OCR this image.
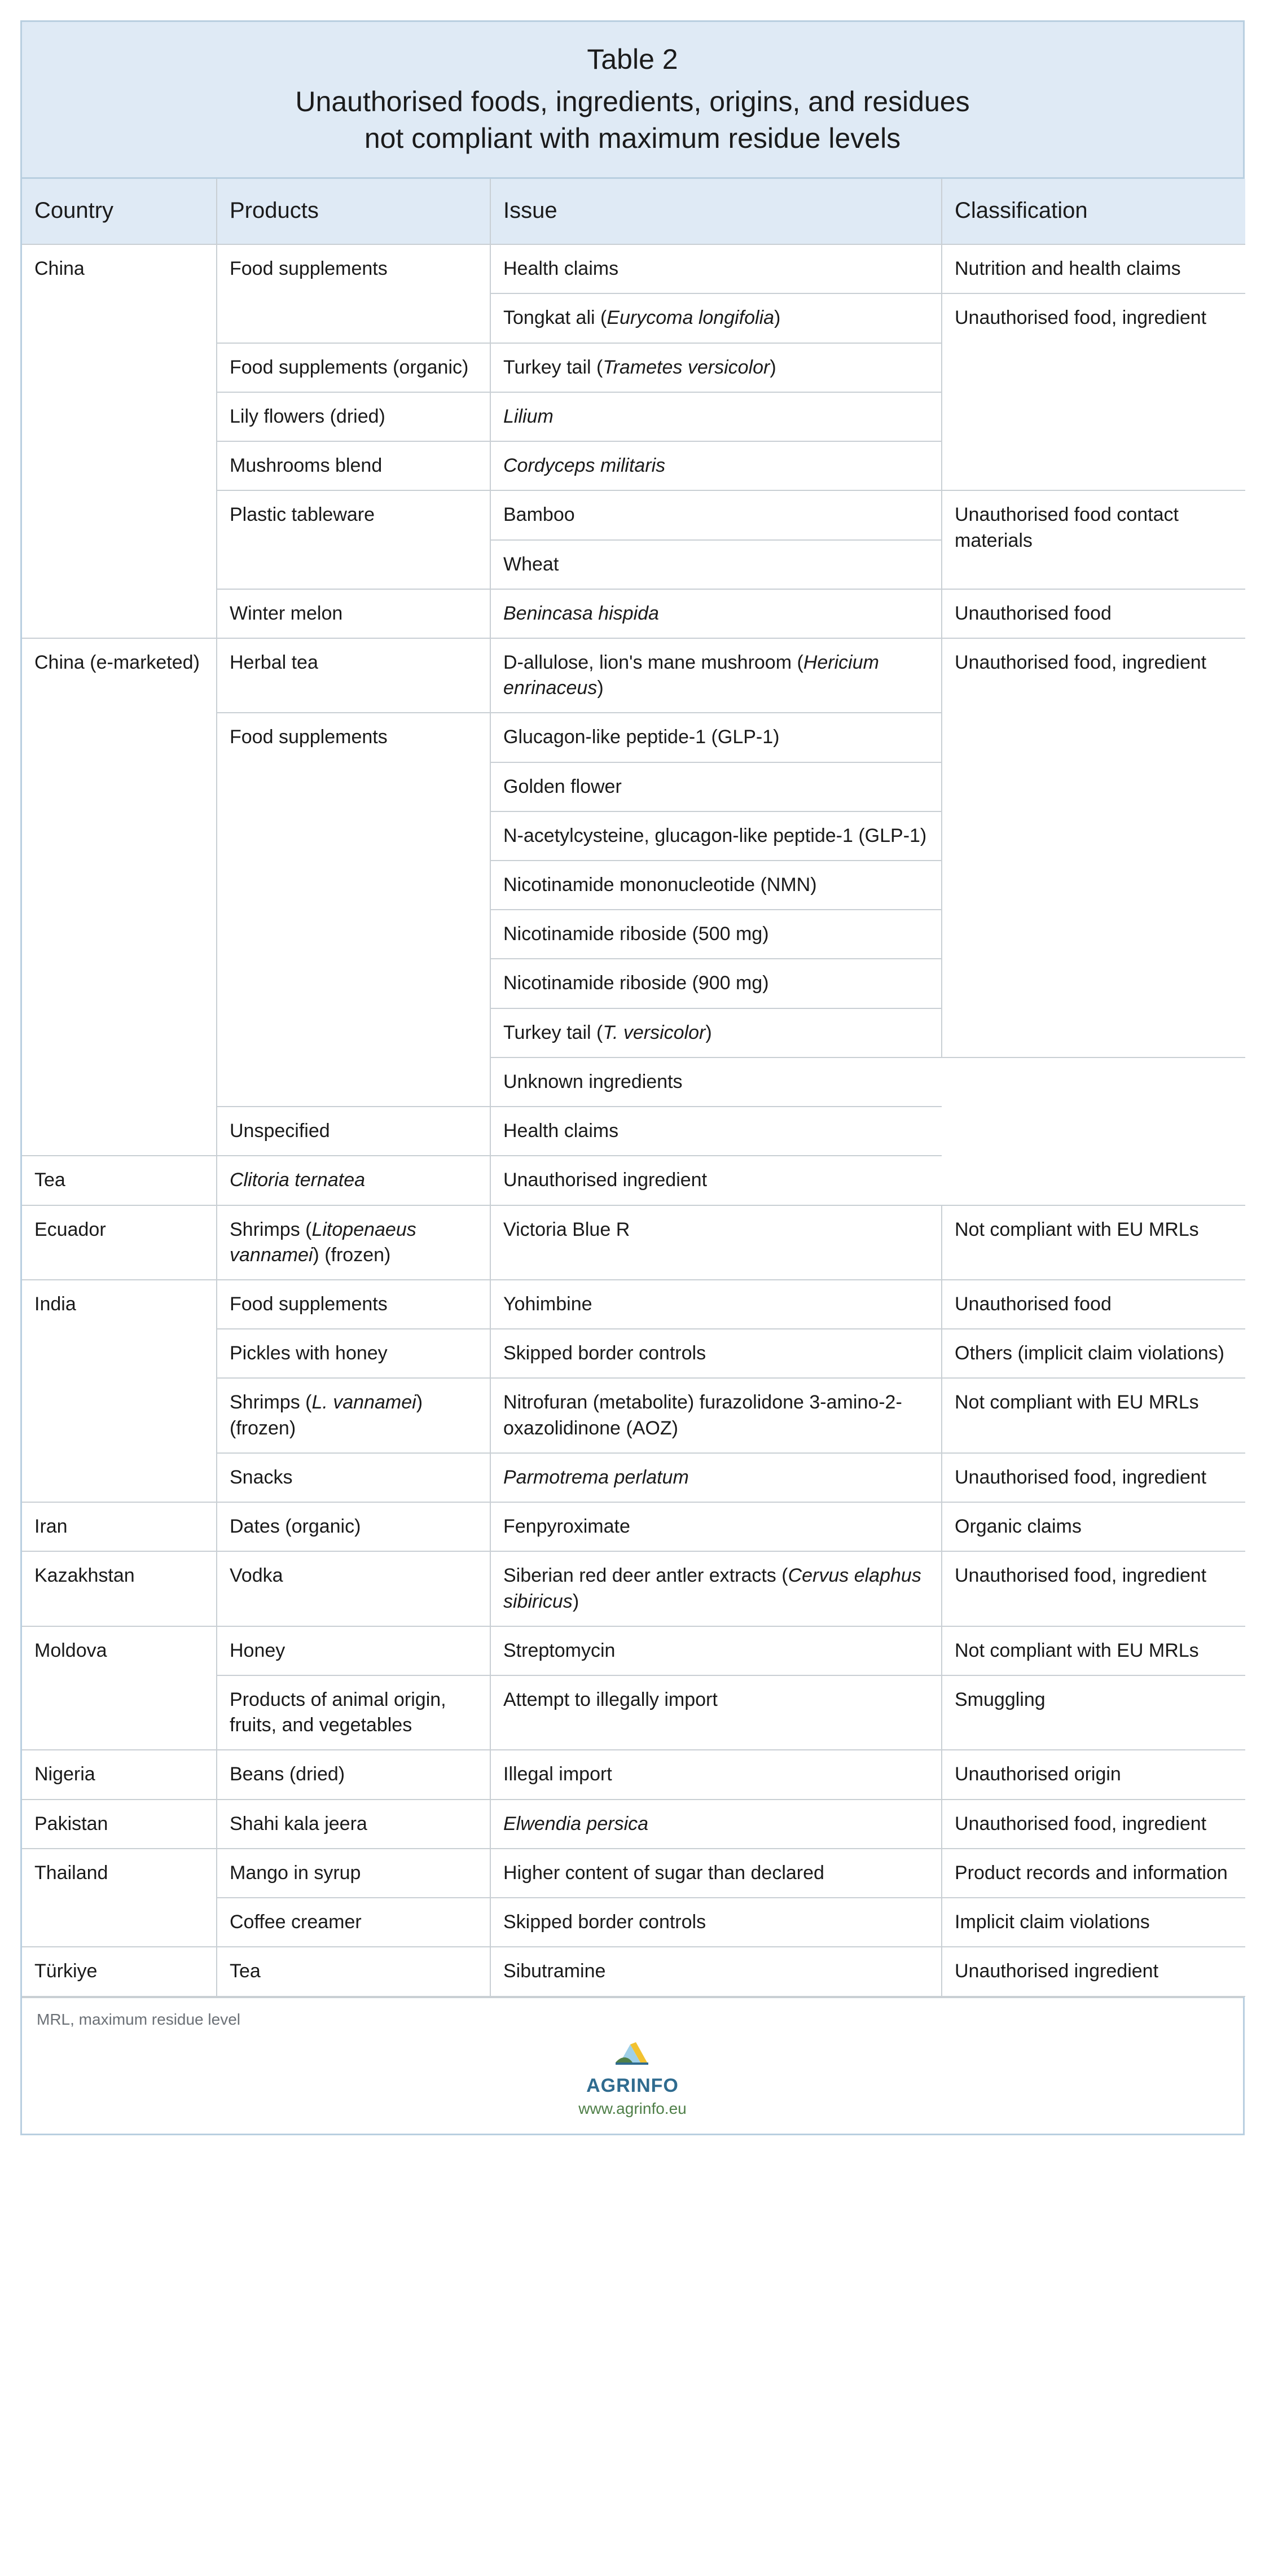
Table 2
Unauthorised foods, ingredients, origins, and residues
not compliant with maximum residue levels
Country	Products	Issue	Classification
China	Food supplements	Health claims	Nutrition and health claims
		Tongkat ali (Eurycoma longifolia)	Unauthorised food, ingredient
	Food supplements (organic)	Turkey tail (Trametes versicolor)	
	Lily flowers (dried)	Lilium	
	Mushrooms blend	Cordyceps militaris	
	Plastic tableware	Bamboo	Unauthorised food contact materials
		Wheat	
	Winter melon	Benincasa hispida	Unauthorised food
China (e-marketed)	Herbal tea	D-allulose, lion's mane mushroom (Hericium enrinaceus)	Unauthorised food, ingredient
	Food supplements	Glucagon-like peptide-1 (GLP-1)	
		Golden flower	
		N-acetylcysteine, glucagon-like peptide-1 (GLP-1)	
		Nicotinamide mononucleotide (NMN)	
		Nicotinamide riboside (500 mg)	
		Nicotinamide riboside (900 mg)	
		Turkey tail (T. versicolor)	
		Unknown ingredients	
	Unspecified	Health claims	
Tea	Clitoria ternatea	Unauthorised ingredient	
Ecuador	Shrimps (Litopenaeus vannamei) (frozen)	Victoria Blue R	Not compliant with EU MRLs
India	Food supplements	Yohimbine	Unauthorised food
	Pickles with honey	Skipped border controls	Others (implicit claim violations)
	Shrimps (L. vannamei) (frozen)	Nitrofuran (metabolite) furazolidone 3-amino-2-oxazolidinone (AOZ)	Not compliant with EU MRLs
	Snacks	Parmotrema perlatum	Unauthorised food, ingredient
Iran	Dates (organic)	Fenpyroximate	Organic claims
Kazakhstan	Vodka	Siberian red deer antler extracts (Cervus elaphus sibiricus)	Unauthorised food, ingredient
Moldova	Honey	Streptomycin	Not compliant with EU MRLs
	Products of animal origin, fruits, and vegetables	Attempt to illegally import	Smuggling
Nigeria	Beans (dried)	Illegal import	Unauthorised origin
Pakistan	Shahi kala jeera	Elwendia persica	Unauthorised food, ingredient
Thailand	Mango in syrup	Higher content of sugar than declared	Product records and information
	Coffee creamer	Skipped border controls	Implicit claim violations
Türkiye	Tea	Sibutramine	Unauthorised ingredient
MRL, maximum residue level
AGRINFO
www.agrinfo.eu
